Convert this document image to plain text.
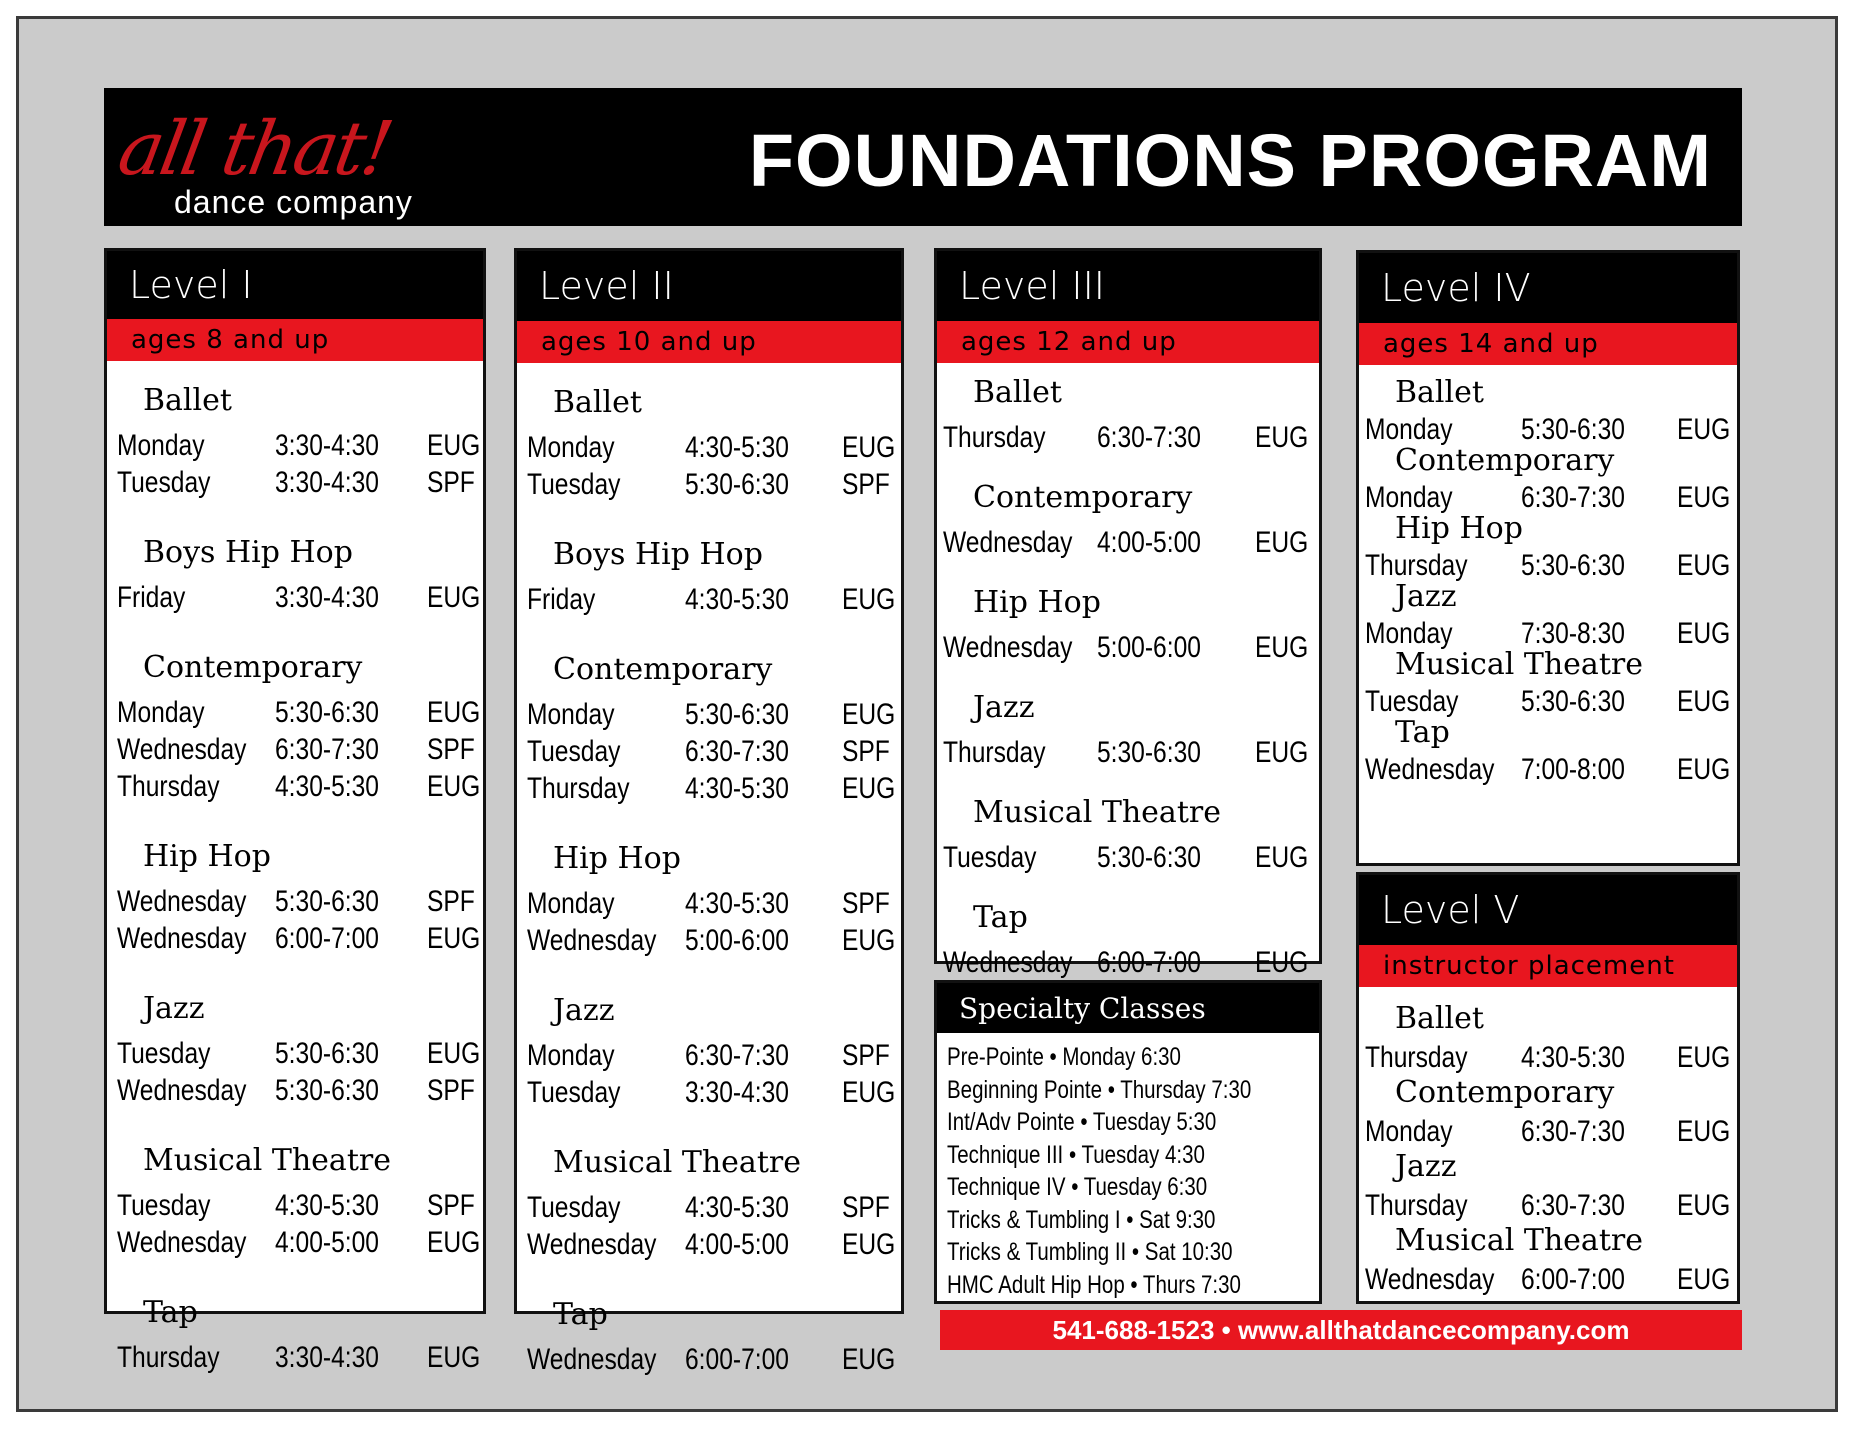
all that!
dance company	FOUNDATIONS PROGRAM
Level I
ages 8 and up
Ballet
Monday 3:30-4:30 EUG
Tuesday 3:30-4:30 SPF
Boys Hip Hop
Friday	3:30-4:30 EUG
Contemporary
Monday 5:30-6:30 EUG
Wednesday 6:30-7:30 SPF
Thursday 4:30-5:30 EUG
Hip Hop
Wednesday 5:30-6:30 SPF
Wednesday 6:00-7:00 EUG
Jazz
Tuesday 5:30-6:30 EUG
Wednesday 5:30-6:30 SPF
Musical Theatre
Tuesday 4:30-5:30 SPF
Wednesday 4:00-5:00 EUG
Tap
Thursday 3:30-4:30 EUG
Level II
ages 10 and up
Ballet
Monday 4:30-5:30 EUG
Tuesday 5:30-6:30 SPF
Boys Hip Hop
Friday	4:30-5:30 EUG
Contemporary
Monday 5:30-6:30 EUG
Tuesday 6:30-7:30 SPF
Thursday 4:30-5:30 EUG
Hip Hop
Monday 4:30-5:30 SPF
Wednesday 5:00-6:00 EUG
Jazz
Monday 6:30-7:30 SPF
Tuesday 3:30-4:30 EUG
Musical Theatre
Tuesday 4:30-5:30 SPF
Wednesday 4:00-5:00 EUG
Tap
Wednesday 6:00-7:00 EUG
Level III
ages 12 and up
Ballet
Thursday 6:30-7:30 EUG
Contemporary
Wednesday 4:00-5:00 EUG
Hip Hop
Wednesday 5:00-6:00 EUG
Jazz
Thursday 5:30-6:30 EUG
Musical Theatre
Tuesday 5:30-6:30 EUG
Tap
Wednesday 6:00-7:00 EUG
Level IV
ages 14 and up
Ballet
Monday 5:30-6:30 EUG
Contemporary
Monday 6:30-7:30 EUG
Hip Hop
Thursday 5:30-6:30 EUG
Jazz
Monday 7:30-8:30 EUG
Musical Theatre
Tuesday 5:30-6:30 EUG
Tap
Wednesday 7:00-8:00 EUG
Level V
instructor placement
Ballet
Thursday 4:30-5:30 EUG
Contemporary
Monday 6:30-7:30 EUG
Jazz
Thursday 6:30-7:30 EUG
Musical Theatre
Wednesday 6:00-7:00 EUG
Specialty Classes
Pre-Pointe • Monday 6:30
Beginning Pointe • Thursday 7:30
Int/Adv Pointe • Tuesday 5:30
Technique III • Tuesday 4:30
Technique IV • Tuesday 6:30
Tricks & Tumbling I • Sat 9:30
Tricks & Tumbling II • Sat 10:30
HMC Adult Hip Hop • Thurs 7:30
541-688-1523 • www.allthatdancecompany.com
